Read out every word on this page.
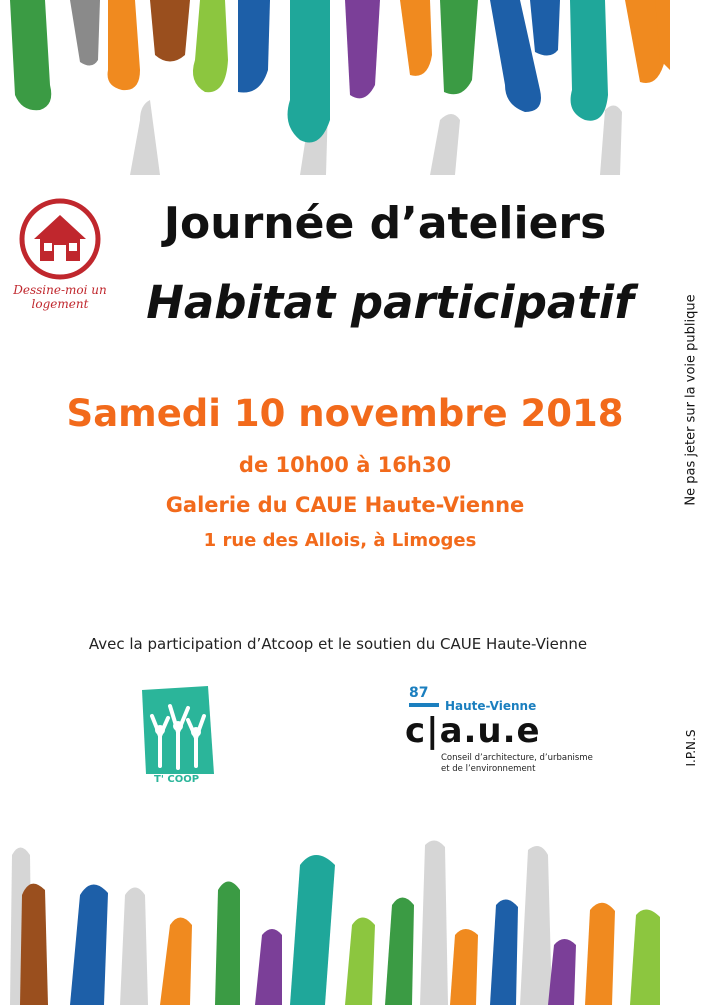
Dessine-moi un logement
Journée d’ateliers
Habitat participatif
Samedi 10 novembre 2018
de 10h00 à 16h30
Galerie du CAUE Haute-Vienne
1 rue des Allois, à Limoges
Avec la participation d’Atcoop et le soutien du CAUE Haute-Vienne
T' COOP
87
Haute-Vienne
c|a.u.e
Conseil d’architecture, d’urbanisme et de l’environnement
Ne pas jeter sur la voie publique
I.P.N.S
